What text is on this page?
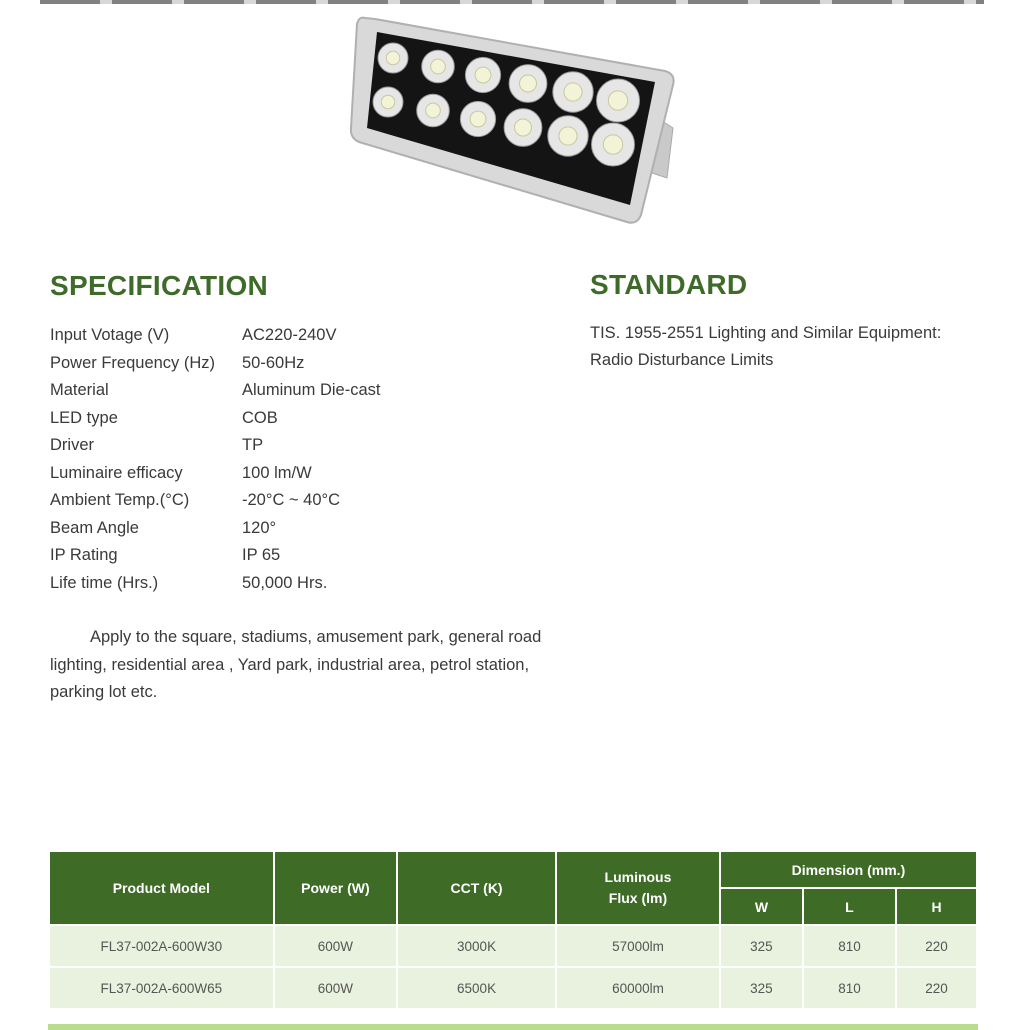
SPECIFICATION	STANDARD
Input Votage (V)	AC220-240V
Power Frequency (Hz)	50-60Hz
Material	Aluminum Die-cast
LED type	COB
Driver	TP
Luminaire efficacy	100 lm/W
Ambient Temp.(°C)	-20°C ~ 40°C
Beam Angle	120°
IP Rating	IP 65
Life time (Hrs.)	50,000 Hrs.
TIS. 1955-2551 Lighting and Similar Equipment:
Radio Disturbance Limits
Apply to the square, stadiums, amusement park, general road lighting, residential area , Yard park, industrial area, petrol station, parking lot etc.
Product Model	Power (W)	CCT (K)	Luminous Flux (lm)	Dimension (mm.)		
				W	L	H
FL37-002A-600W30	600W	3000K	57000lm	325	810	220
FL37-002A-600W65	600W	6500K	60000lm	325	810	220
